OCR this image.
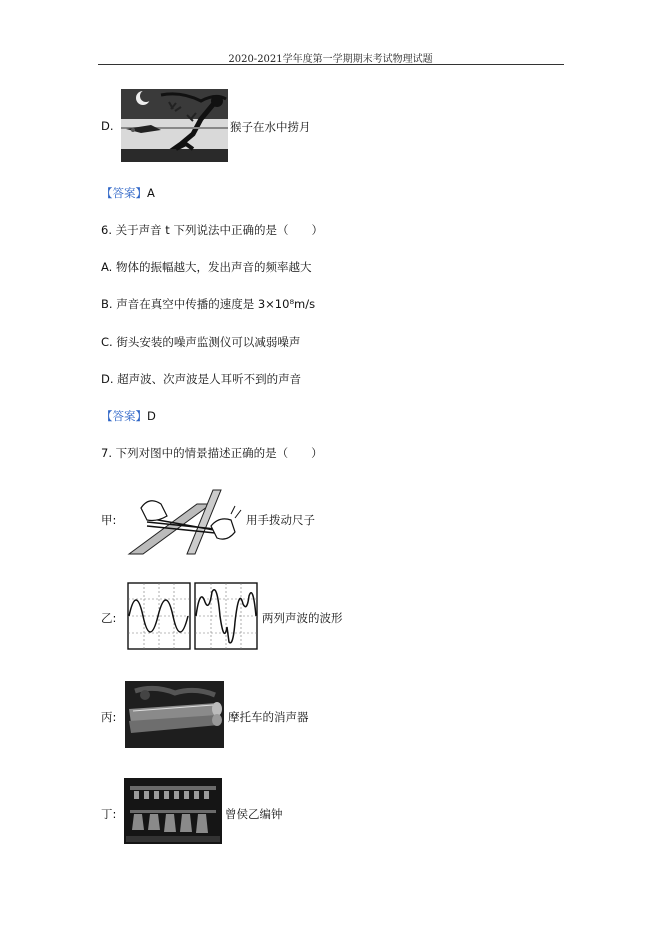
2020-2021学年度第一学期期末考试物理试题
D.	猴子在水中捞月
【答案】A
6. 关于声音 t 下列说法中正确的是（　　）
A. 物体的振幅越大，发出声音的频率越大
B. 声音在真空中传播的速度是 3×10⁸m/s
C. 街头安装的噪声监测仪可以减弱噪声
D. 超声波、次声波是人耳听不到的声音
【答案】D
7. 下列对图中的情景描述正确的是（　　）
甲:	用手拨动尺子
乙:	两列声波的波形
丙:	摩托车的消声器
丁:	曾侯乙编钟
